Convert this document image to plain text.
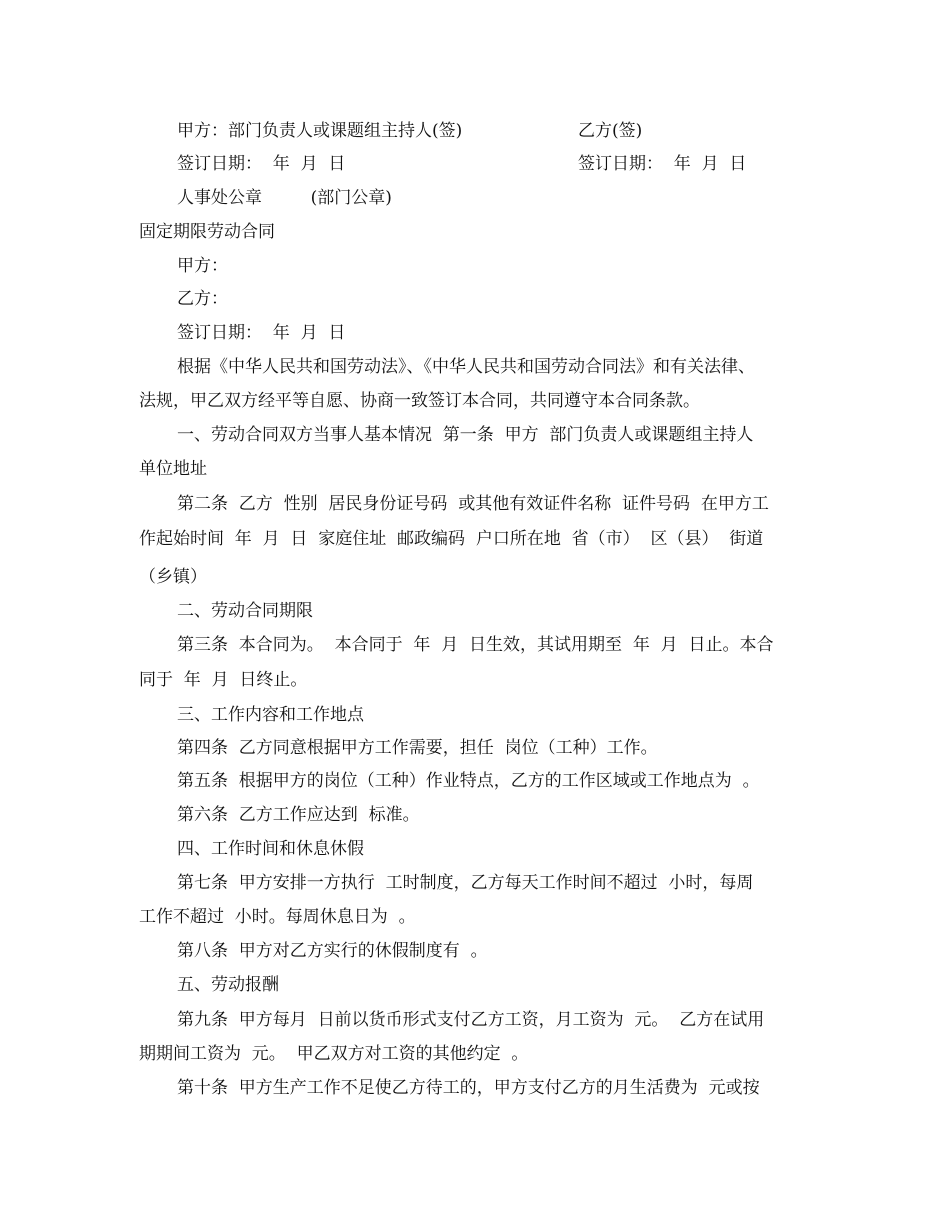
甲方：部门负责人或课题组主持人(签)	乙方(签)
签订日期：  年  月  日	签订日期：  年  月  日
人事处公章         (部门公章)
固定期限劳动合同
甲方：
乙方：
签订日期：  年  月  日
根据《中华人民共和国劳动法》、《中华人民共和国劳动合同法》和有关法律、
法规，甲乙双方经平等自愿、协商一致签订本合同，共同遵守本合同条款。
一、劳动合同双方当事人基本情况  第一条  甲方  部门负责人或课题组主持人
单位地址
第二条  乙方  性别  居民身份证号码  或其他有效证件名称  证件号码  在甲方工
作起始时间  年  月  日  家庭住址  邮政编码  户口所在地  省（市）  区（县）  街道
（乡镇）
二、劳动合同期限
第三条  本合同为。  本合同于  年  月  日生效，其试用期至  年  月  日止。本合
同于  年  月  日终止。
三、工作内容和工作地点
第四条  乙方同意根据甲方工作需要，担任  岗位（工种）工作。
第五条  根据甲方的岗位（工种）作业特点，乙方的工作区域或工作地点为  。
第六条  乙方工作应达到  标准。
四、工作时间和休息休假
第七条  甲方安排一方执行  工时制度，乙方每天工作时间不超过  小时，每周
工作不超过  小时。每周休息日为  。
第八条  甲方对乙方实行的休假制度有  。
五、劳动报酬
第九条  甲方每月  日前以货币形式支付乙方工资，月工资为  元。  乙方在试用
期期间工资为  元。  甲乙双方对工资的其他约定  。
第十条  甲方生产工作不足使乙方待工的，甲方支付乙方的月生活费为  元或按
